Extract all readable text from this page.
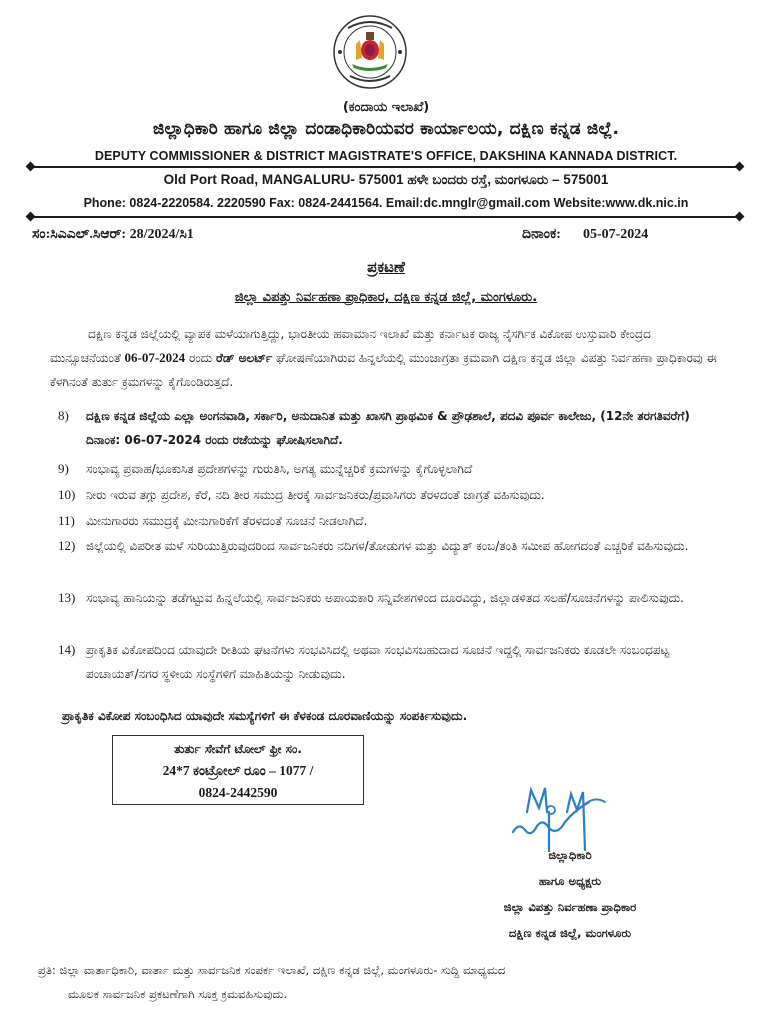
(ಕಂದಾಯ ಇಲಾಖೆ)
ಜಿಲ್ಲಾಧಿಕಾರಿ ಹಾಗೂ ಜಿಲ್ಲಾ ದಂಡಾಧಿಕಾರಿಯವರ ಕಾರ್ಯಾಲಯ, ದಕ್ಷಿಣ ಕನ್ನಡ ಜಿಲ್ಲೆ.
DEPUTY COMMISSIONER & DISTRICT MAGISTRATE'S OFFICE, DAKSHINA KANNADA DISTRICT.
Old Port Road, MANGALURU- 575001 ಹಳೇ ಬಂದರು ರಸ್ತೆ, ಮಂಗಳೂರು – 575001
Phone: 0824-2220584. 2220590 Fax: 0824-2441564. Email:dc.mnglr@gmail.com Website:www.dk.nic.in
ಸಂ:ಸಿಎಎಲ್.ಸಿಆರ್: 28/2024/ಸಿ1	ದಿನಾಂಕ: 05-07-2024
ಪ್ರಕಟಣೆ
ಜಿಲ್ಲಾ ವಿಪತ್ತು ನಿರ್ವಹಣಾ ಪ್ರಾಧಿಕಾರ, ದಕ್ಷಿಣ ಕನ್ನಡ ಜಿಲ್ಲೆ, ಮಂಗಳೂರು.

ದಕ್ಷಿಣ ಕನ್ನಡ ಜಿಲ್ಲೆಯಲ್ಲಿ ವ್ಯಾಪಕ ಮಳೆಯಾಗುತ್ತಿದ್ದು, ಭಾರತೀಯ ಹವಾಮಾನ ಇಲಾಖೆ ಮತ್ತು ಕರ್ನಾಟಕ ರಾಜ್ಯ ನೈಸರ್ಗಿಕ ವಿಕೋಪ ಉಸ್ತುವಾರಿ ಕೇಂದ್ರದ ಮುನ್ಸೂಚನೆಯಂತೆ 06-07-2024 ರಂದು ರೆಡ್ ಅಲರ್ಟ್ ಘೋಷಣೆಯಾಗಿರುವ ಹಿನ್ನಲೆಯಲ್ಲಿ ಮುಂಜಾಗ್ರತಾ ಕ್ರಮವಾಗಿ ದಕ್ಷಿಣ ಕನ್ನಡ ಜಿಲ್ಲಾ ವಿಪತ್ತು ನಿರ್ವಹಣಾ ಪ್ರಾಧಿಕಾರವು ಈ ಕೆಳಗಿನಂತೆ ತುರ್ತು ಕ್ರಮಗಳನ್ನು ಕೈಗೊಂಡಿರುತ್ತದೆ.

8) ದಕ್ಷಿಣ ಕನ್ನಡ ಜಿಲ್ಲೆಯ ಎಲ್ಲಾ ಅಂಗನವಾಡಿ, ಸರ್ಕಾರಿ, ಅನುದಾನಿತ ಮತ್ತು ಖಾಸಗಿ ಪ್ರಾಥಮಿಕ & ಪ್ರೌಢಶಾಲೆ, ಪದವಿ ಪೂರ್ವ ಕಾಲೇಜು, (12ನೇ ತರಗತಿವರೆಗೆ) ದಿನಾಂಕ: 06-07-2024 ರಂದು ರಜೆಯನ್ನು ಘೋಷಿಸಲಾಗಿದೆ.
9) ಸಂಭಾವ್ಯ ಪ್ರವಾಹ/ಭೂಕುಸಿತ ಪ್ರದೇಶಗಳನ್ನು ಗುರುತಿಸಿ, ಅಗತ್ಯ ಮುನ್ನೆಚ್ಚರಿಕೆ ಕ್ರಮಗಳನ್ನು ಕೈಗೊಳ್ಳಲಾಗಿದೆ
10) ನೀರು ಇರುವ ತಗ್ಗು ಪ್ರದೇಶ, ಕೆರೆ, ನದಿ ತೀರ ಸಮುದ್ರ ತೀರಕ್ಕೆ ಸಾರ್ವಜನಿಕರು/ಪ್ರವಾಸಿಗರು ತೆರಳದಂತೆ ಜಾಗ್ರತೆ ವಹಿಸುವುದು.
11) ಮೀನುಗಾರರು ಸಮುದ್ರಕ್ಕೆ ಮೀನುಗಾರಿಕೆಗೆ ತೆರಳದಂತೆ ಸೂಚನೆ ನೀಡಲಾಗಿದೆ.
12) ಜಿಲ್ಲೆಯಲ್ಲಿ ವಿಪರೀತ ಮಳೆ ಸುರಿಯುತ್ತಿರುವುದರಿಂದ ಸಾರ್ವಜನಿಕರು ನದಿಗಳ/ತೋಡುಗಳ ಮತ್ತು ವಿದ್ಯುತ್ ಕಂಬ/ತಂತಿ ಸಮೀಪ ಹೋಗದಂತೆ ಎಚ್ಚರಿಕೆ ವಹಿಸುವುದು.
13) ಸಂಭಾವ್ಯ ಹಾನಿಯನ್ನು ತಡೆಗಟ್ಟುವ ಹಿನ್ನಲೆಯಲ್ಲಿ ಸಾರ್ವಜನಿಕರು ಅಪಾಯಕಾರಿ ಸನ್ನಿವೇಶಗಳಿಂದ ದೂರವಿದ್ದು, ಜಿಲ್ಲಾಡಳಿತದ ಸಲಹೆ/ಸೂಚನೆಗಳನ್ನು ಪಾಲಿಸುವುದು.
14) ಪ್ರಾಕೃತಿಕ ವಿಕೋಪದಿಂದ ಯಾವುದೇ ರೀತಿಯ ಘಟನೆಗಳು ಸಂಭವಿಸಿದಲ್ಲಿ ಅಥವಾ ಸಂಭವಿಸಬಹುದಾದ ಸೂಚನೆ ಇದ್ದಲ್ಲಿ ಸಾರ್ವಜನಿಕರು ಕೂಡಲೇ ಸಂಬಂಧಪಟ್ಟ ಪಂಚಾಯತ್/ನಗರ ಸ್ಥಳೀಯ ಸಂಸ್ಥೆಗಳಿಗೆ ಮಾಹಿತಿಯನ್ನು ನೀಡುವುದು.
ಪ್ರಾಕೃತಿಕ ವಿಕೋಪ ಸಂಬಂಧಿಸಿದ ಯಾವುದೇ ಸಮಸ್ಯೆಗಳಿಗೆ ಈ ಕೆಳಕಂಡ ದೂರವಾಣಿಯನ್ನು ಸಂಪರ್ಕಿಸುವುದು.
ತುರ್ತು ಸೇವೆಗೆ ಟೋಲ್ ಫ್ರೀ ಸಂ.
24*7 ಕಂಟ್ರೋಲ್ ರೂಂ – 1077 /
0824-2442590
ಜಿಲ್ಲಾಧಿಕಾರಿ
ಹಾಗೂ ಅಧ್ಯಕ್ಷರು
ಜಿಲ್ಲಾ ವಿಪತ್ತು ನಿರ್ವಹಣಾ ಪ್ರಾಧಿಕಾರ
ದಕ್ಷಿಣ ಕನ್ನಡ ಜಿಲ್ಲೆ, ಮಂಗಳೂರು
ಪ್ರತಿ: ಜಿಲ್ಲಾ ವಾರ್ತಾಧಿಕಾರಿ, ವಾರ್ತಾ ಮತ್ತು ಸಾರ್ವಜನಿಕ ಸಂಪರ್ಕ ಇಲಾಖೆ, ದಕ್ಷಿಣ ಕನ್ನಡ ಜಿಲ್ಲೆ, ಮಂಗಳೂರು- ಸುದ್ದಿ ಮಾಧ್ಯಮದ
ಮೂಲಕ ಸಾರ್ವಜನಿಕ ಪ್ರಕಟಣೆಗಾಗಿ ಸೂಕ್ತ ಕ್ರಮವಹಿಸುವುದು.
